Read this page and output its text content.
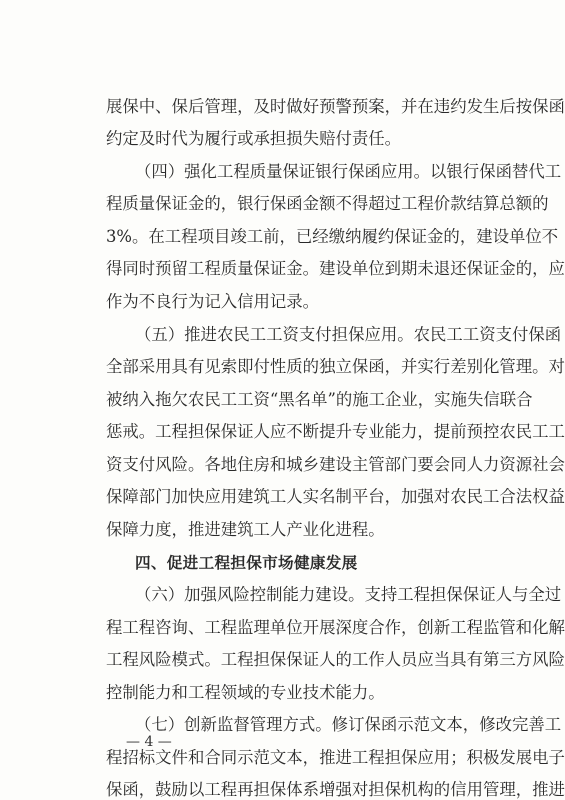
展保中、保后管理，及时做好预警预案，并在违约发生后按保函
约定及时代为履行或承担损失赔付责任。
（四）强化工程质量保证银行保函应用。以银行保函替代工
程质量保证金的，银行保函金额不得超过工程价款结算总额的
3%。在工程项目竣工前，已经缴纳履约保证金的，建设单位不
得同时预留工程质量保证金。建设单位到期未退还保证金的，应
作为不良行为记入信用记录。
（五）推进农民工工资支付担保应用。农民工工资支付保函
全部采用具有见索即付性质的独立保函，并实行差别化管理。对
被纳入拖欠农民工工资“黑名单”的施工企业，实施失信联合
惩戒。工程担保保证人应不断提升专业能力，提前预控农民工工
资支付风险。各地住房和城乡建设主管部门要会同人力资源社会
保障部门加快应用建筑工人实名制平台，加强对农民工合法权益
保障力度，推进建筑工人产业化进程。
四、促进工程担保市场健康发展
（六）加强风险控制能力建设。支持工程担保保证人与全过
程工程咨询、工程监理单位开展深度合作，创新工程监管和化解
工程风险模式。工程担保保证人的工作人员应当具有第三方风险
控制能力和工程领域的专业技术能力。
（七）创新监督管理方式。修订保函示范文本，修改完善工
程招标文件和合同示范文本，推进工程担保应用；积极发展电子
保函，鼓励以工程再担保体系增强对担保机构的信用管理，推进
— 4 —
